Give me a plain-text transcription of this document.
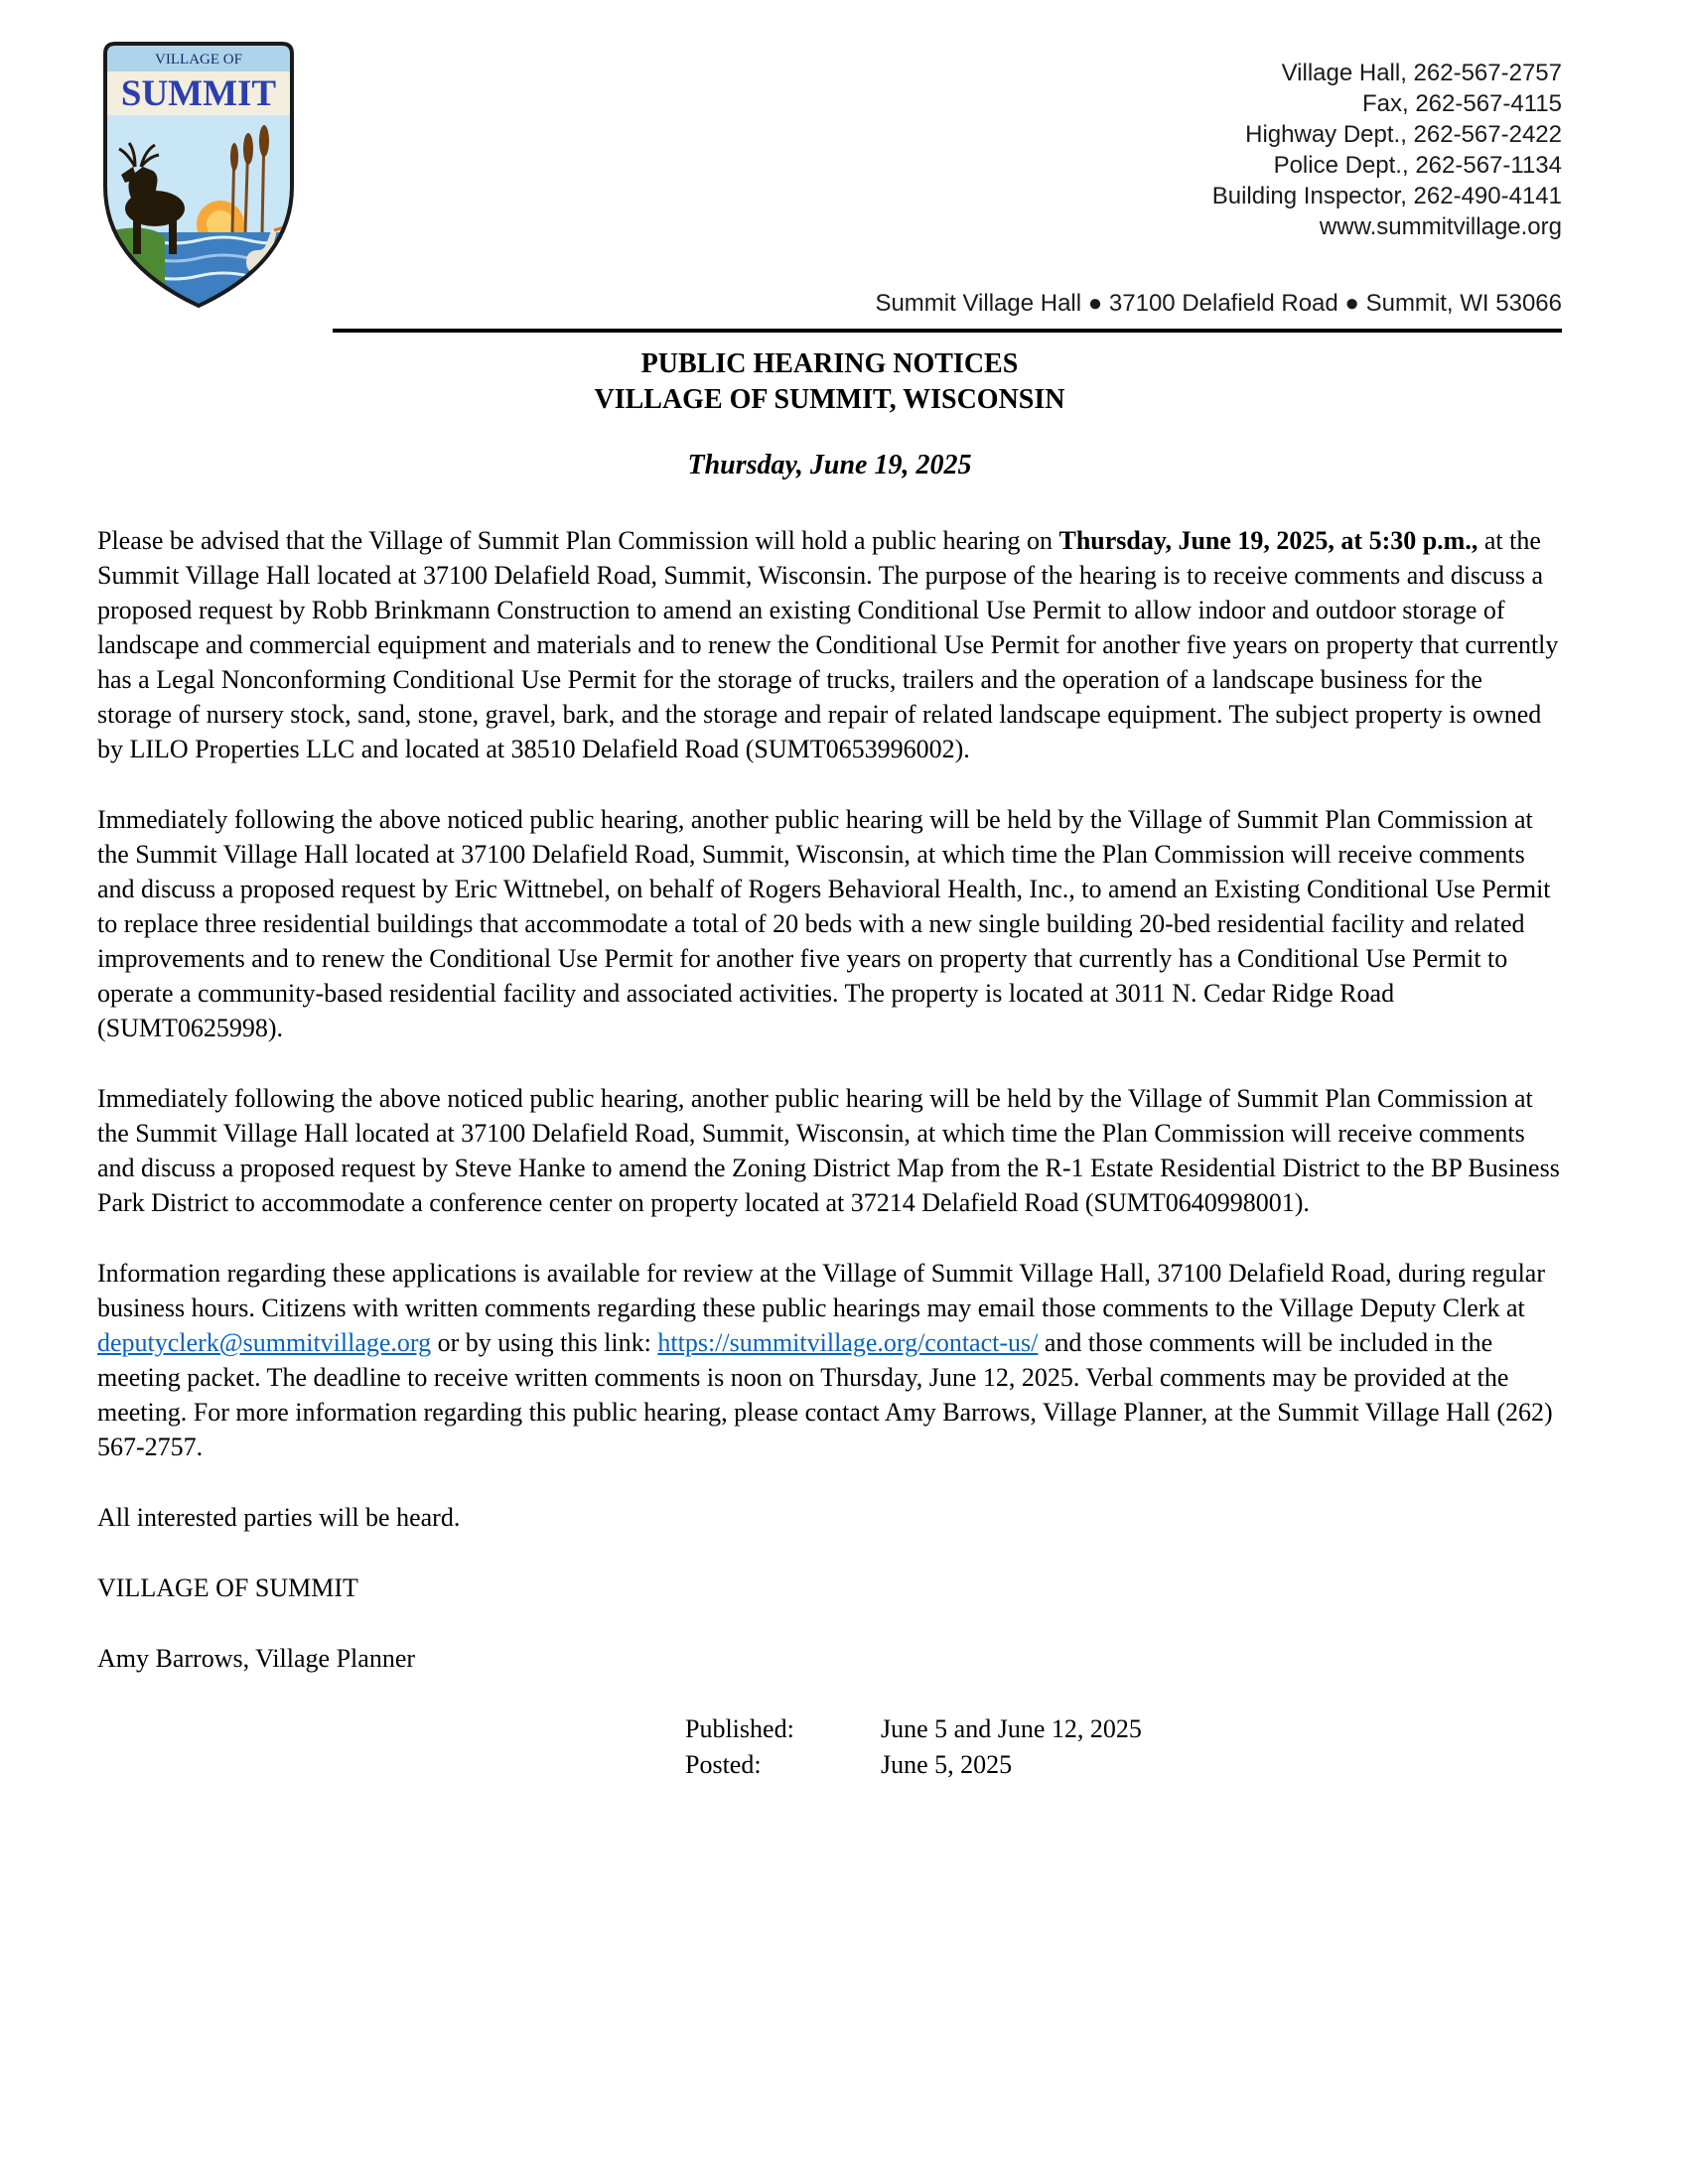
VILLAGE OF
SUMMIT
Village Hall, 262-567-2757
Fax, 262-567-4115
Highway Dept., 262-567-2422
Police Dept., 262-567-1134
Building Inspector, 262-490-4141
www.summitvillage.org
Summit Village Hall ● 37100 Delafield Road ● Summit, WI 53066
PUBLIC HEARING NOTICES
VILLAGE OF SUMMIT, WISCONSIN
Thursday, June 19, 2025

Please be advised that the Village of Summit Plan Commission will hold a public hearing on Thursday, June 19, 2025, at 5:30 p.m., at the Summit Village Hall located at 37100 Delafield Road, Summit, Wisconsin. The purpose of the hearing is to receive comments and discuss a proposed request by Robb Brinkmann Construction to amend an existing Conditional Use Permit to allow indoor and outdoor storage of landscape and commercial equipment and materials and to renew the Conditional Use Permit for another five years on property that currently has a Legal Nonconforming Conditional Use Permit for the storage of trucks, trailers and the operation of a landscape business for the storage of nursery stock, sand, stone, gravel, bark, and the storage and repair of related landscape equipment. The subject property is owned by LILO Properties LLC and located at 38510 Delafield Road (SUMT0653996002).

Immediately following the above noticed public hearing, another public hearing will be held by the Village of Summit Plan Commission at the Summit Village Hall located at 37100 Delafield Road, Summit, Wisconsin, at which time the Plan Commission will receive comments and discuss a proposed request by Eric Wittnebel, on behalf of Rogers Behavioral Health, Inc., to amend an Existing Conditional Use Permit to replace three residential buildings that accommodate a total of 20 beds with a new single building 20-bed residential facility and related improvements and to renew the Conditional Use Permit for another five years on property that currently has a Conditional Use Permit to operate a community-based residential facility and associated activities. The property is located at 3011 N. Cedar Ridge Road (SUMT0625998).

Immediately following the above noticed public hearing, another public hearing will be held by the Village of Summit Plan Commission at the Summit Village Hall located at 37100 Delafield Road, Summit, Wisconsin, at which time the Plan Commission will receive comments and discuss a proposed request by Steve Hanke to amend the Zoning District Map from the R-1 Estate Residential District to the BP Business Park District to accommodate a conference center on property located at 37214 Delafield Road (SUMT0640998001).

Information regarding these applications is available for review at the Village of Summit Village Hall, 37100 Delafield Road, during regular business hours. Citizens with written comments regarding these public hearings may email those comments to the Village Deputy Clerk at deputyclerk@summitvillage.org or by using this link: https://summitvillage.org/contact-us/ and those comments will be included in the meeting packet. The deadline to receive written comments is noon on Thursday, June 12, 2025. Verbal comments may be provided at the meeting. For more information regarding this public hearing, please contact Amy Barrows, Village Planner, at the Summit Village Hall (262) 567-2757.

All interested parties will be heard.

VILLAGE OF SUMMIT

Amy Barrows, Village Planner

Published:	June 5 and June 12, 2025
Posted:	June 5, 2025
